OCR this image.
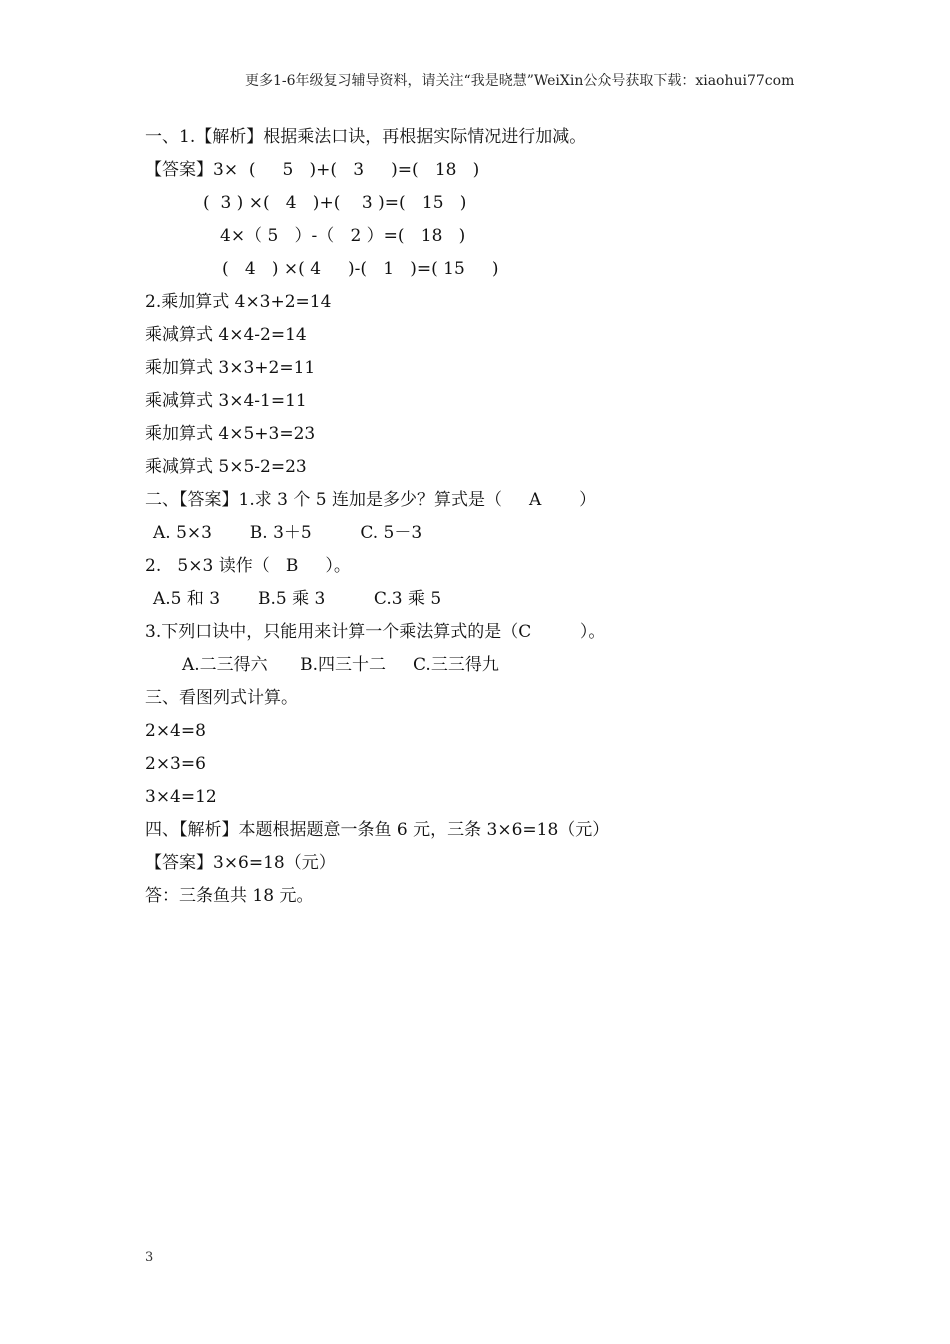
更多1-6年级复习辅导资料，请关注“我是晓慧”WeiXin公众号获取下载：xiaohui77com
一、1.【解析】根据乘法口诀，再根据实际情况进行加减。
【答案】3×  (     5   )+(   3     )=(   18   )
(  3 ) ×(   4   )+(    3 )=(   15   )
4×（ 5   ）-（   2 ）=(   18   )
(   4   ) ×( 4     )-(   1   )=( 15     )
2.乘加算式 4×3+2=14
乘减算式 4×4-2=14
乘加算式 3×3+2=11
乘减算式 3×4-1=11
乘加算式 4×5+3=23
乘减算式 5×5-2=23
二、【答案】1.求 3 个 5 连加是多少？算式是（     A       ）
A. 5×3       B. 3＋5         C. 5－3
2.   5×3 读作（   B     ）。
A.5 和 3       B.5 乘 3         C.3 乘 5
3.下列口诀中，只能用来计算一个乘法算式的是（C         ）。
A.二三得六      B.四三十二     C.三三得九
三、看图列式计算。
2×4=8
2×3=6
3×4=12
四、【解析】本题根据题意一条鱼 6 元，三条 3×6=18（元）
【答案】3×6=18（元）
答：三条鱼共 18 元。
3
